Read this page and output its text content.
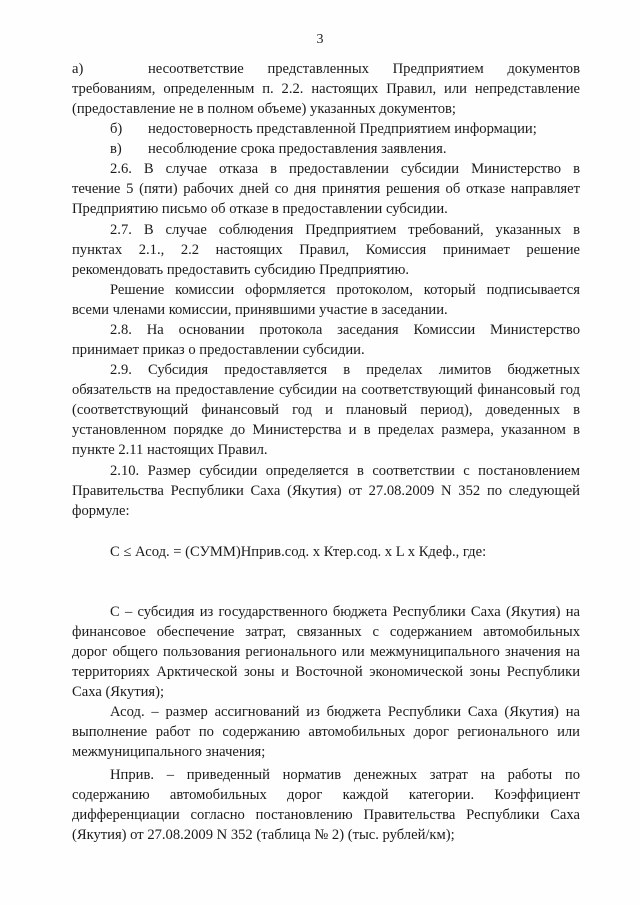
3
а)	несоответствие представленных Предприятием документов
требованиям, определенным п. 2.2. настоящих Правил, или непредставление
(предоставление не в полном объеме) указанных документов;
б) недостоверность представленной Предприятием информации;
в) несоблюдение срока предоставления заявления.
2.6. В случае отказа в предоставлении субсидии Министерство в
течение 5 (пяти) рабочих дней со дня принятия решения об отказе направляет
Предприятию письмо об отказе в предоставлении субсидии.
2.7. В случае соблюдения Предприятием требований, указанных в
пунктах 2.1., 2.2 настоящих Правил, Комиссия принимает решение
рекомендовать предоставить субсидию Предприятию.
Решение комиссии оформляется протоколом, который подписывается
всеми членами комиссии, принявшими участие в заседании.
2.8. На основании протокола заседания Комиссии Министерство
принимает приказ о предоставлении субсидии.
2.9. Субсидия предоставляется в пределах лимитов бюджетных
обязательств на предоставление субсидии на соответствующий финансовый год
(соответствующий финансовый год и плановый период), доведенных в
установленном порядке до Министерства и в пределах размера, указанном в
пункте 2.11 настоящих Правил.
2.10. Размер субсидии определяется в соответствии с постановлением
Правительства Республики Саха (Якутия) от 27.08.2009 N 352 по следующей
формуле:
С ≤ Асод. = (СУММ)Нприв.сод. x Ктер.сод. x L x Кдеф., где:
С – субсидия из государственного бюджета Республики Саха (Якутия) на
финансовое обеспечение затрат, связанных с содержанием автомобильных
дорог общего пользования регионального или межмуниципального значения на
территориях Арктической зоны и Восточной экономической зоны Республики
Саха (Якутия);
Асод. – размер ассигнований из бюджета Республики Саха (Якутия) на
выполнение работ по содержанию автомобильных дорог регионального или
межмуниципального значения;
Нприв. – приведенный норматив денежных затрат на работы по
содержанию автомобильных дорог каждой категории. Коэффициент
дифференциации согласно постановлению Правительства Республики Саха
(Якутия) от 27.08.2009 N 352 (таблица № 2) (тыс. рублей/км);
